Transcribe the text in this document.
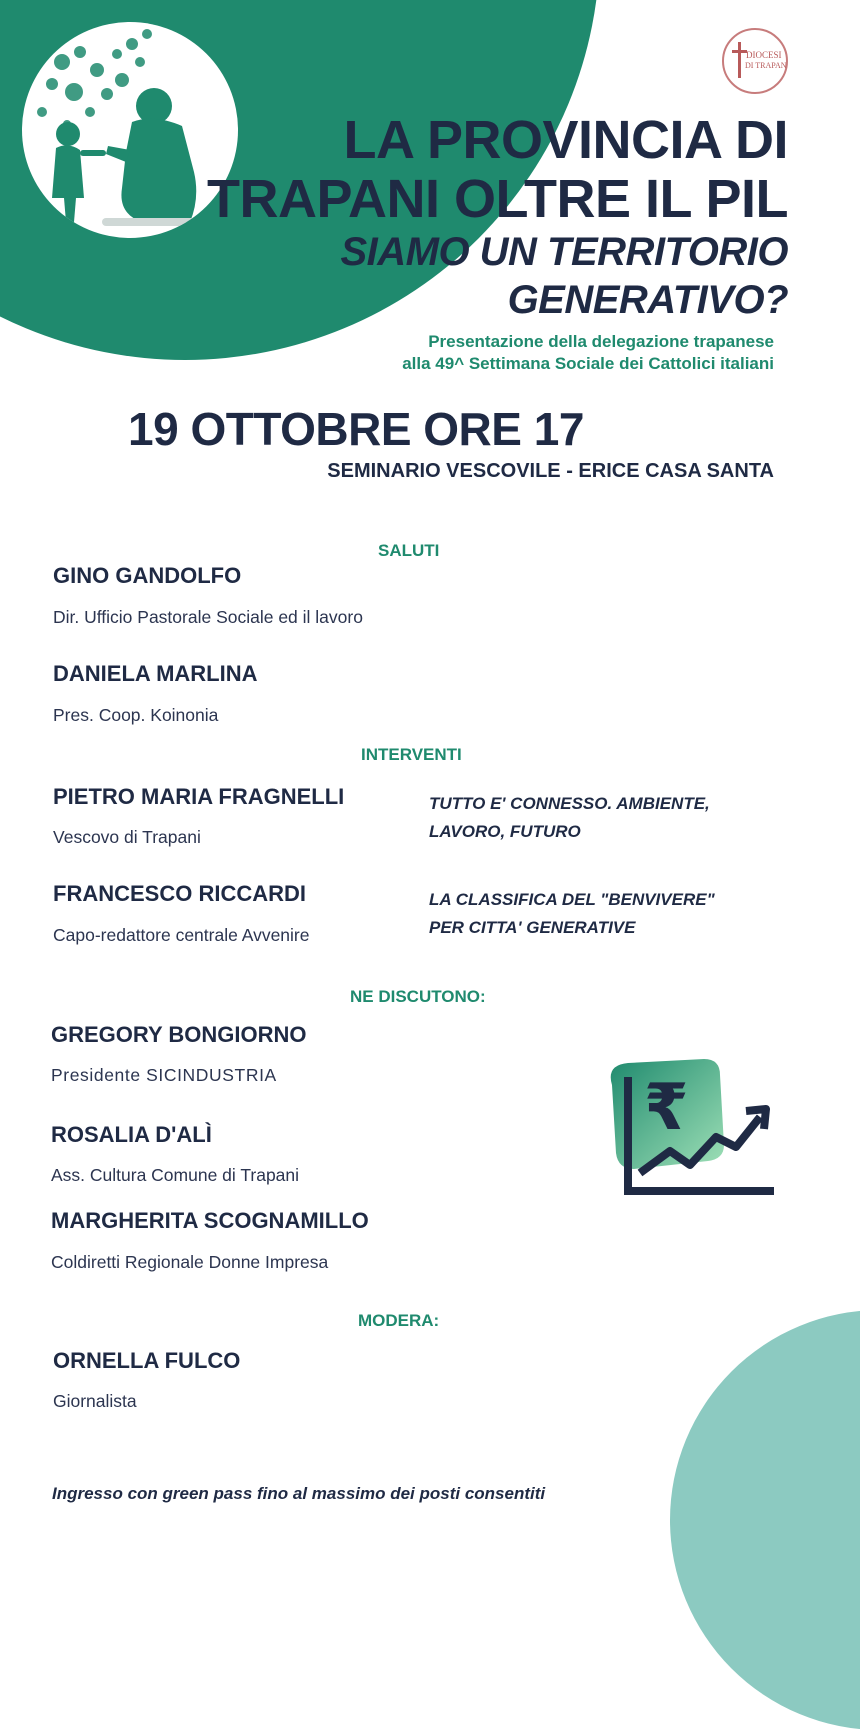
DIOCESI
DI TRAPANI
LA PROVINCIA DI
TRAPANI OLTRE IL PIL
SIAMO UN TERRITORIO
GENERATIVO?
Presentazione della delegazione trapanese
alla 49^ Settimana Sociale dei Cattolici italiani
19 OTTOBRE ORE 17
SEMINARIO VESCOVILE - ERICE CASA SANTA
SALUTI
GINO GANDOLFO
Dir. Ufficio Pastorale Sociale ed il lavoro
DANIELA MARLINA
Pres. Coop. Koinonia
INTERVENTI
PIETRO MARIA FRAGNELLI
Vescovo di Trapani
TUTTO E' CONNESSO. AMBIENTE,
LAVORO, FUTURO
FRANCESCO RICCARDI
Capo-redattore centrale Avvenire
LA CLASSIFICA DEL "BENVIVERE"
PER CITTA' GENERATIVE
NE DISCUTONO:
GREGORY BONGIORNO
Presidente SICINDUSTRIA
ROSALIA D'ALÌ
Ass. Cultura Comune di Trapani
MARGHERITA SCOGNAMILLO
Coldiretti Regionale Donne Impresa
₹
MODERA:
ORNELLA FULCO
Giornalista
Ingresso con green pass fino al massimo dei posti consentiti
